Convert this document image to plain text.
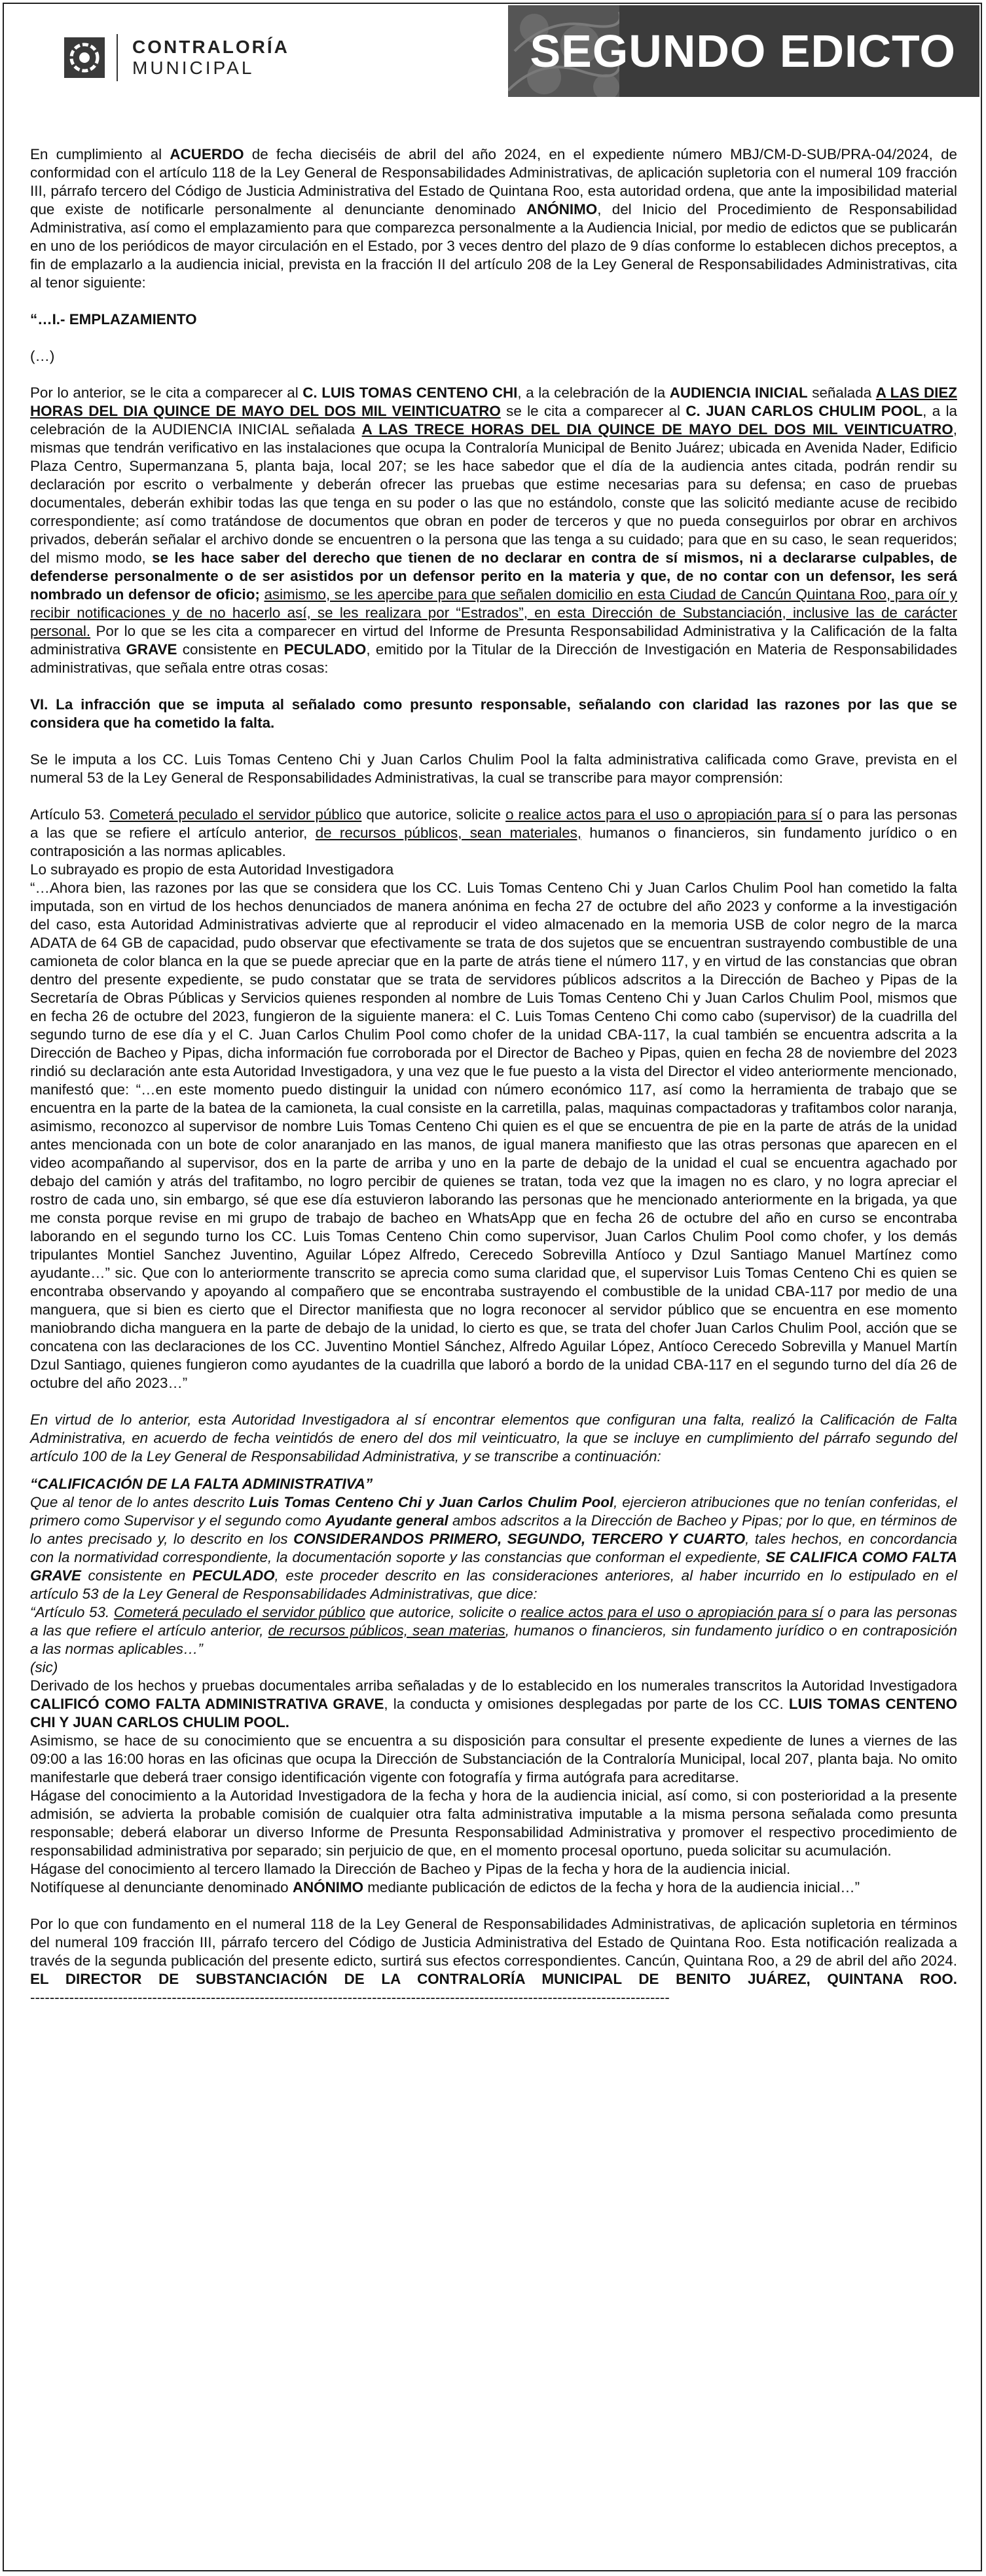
CONTRALORÍA
MUNICIPAL	SEGUNDO EDICTO

En cumplimiento al ACUERDO de fecha dieciséis de abril del año 2024, en el expediente número MBJ/CM-D-SUB/PRA-04/2024, de conformidad con el artículo 118 de la Ley General de Responsabilidades Administrativas, de aplicación supletoria con el numeral 109 fracción III, párrafo tercero del Código de Justicia Administrativa del Estado de Quintana Roo, esta autoridad ordena, que ante la imposibilidad material que existe de notificarle personalmente al denunciante denominado ANÓNIMO, del Inicio del Procedimiento de Responsabilidad Administrativa, así como el emplazamiento para que comparezca personalmente a la Audiencia Inicial, por medio de edictos que se publicarán en uno de los periódicos de mayor circulación en el Estado, por 3 veces dentro del plazo de 9 días conforme lo establecen dichos preceptos, a fin de emplazarlo a la audiencia inicial, prevista en la fracción II del artículo 208 de la Ley General de Responsabilidades Administrativas, cita al tenor siguiente:

“…I.- EMPLAZAMIENTO

(…)

Por lo anterior, se le cita a comparecer al C. LUIS TOMAS CENTENO CHI, a la celebración de la AUDIENCIA INICIAL señalada A LAS DIEZ HORAS DEL DIA QUINCE DE MAYO DEL DOS MIL VEINTICUATRO se le cita a comparecer al C. JUAN CARLOS CHULIM POOL, a la celebración de la AUDIENCIA INICIAL señalada A LAS TRECE HORAS DEL DIA QUINCE DE MAYO DEL DOS MIL VEINTICUATRO, mismas que tendrán verificativo en las instalaciones que ocupa la Contraloría Municipal de Benito Juárez; ubicada en Avenida Nader, Edificio Plaza Centro, Supermanzana 5, planta baja, local 207; se les hace sabedor que el día de la audiencia antes citada, podrán rendir su declaración por escrito o verbalmente y deberán ofrecer las pruebas que estime necesarias para su defensa; en caso de pruebas documentales, deberán exhibir todas las que tenga en su poder o las que no estándolo, conste que las solicitó mediante acuse de recibido correspondiente; así como tratándose de documentos que obran en poder de terceros y que no pueda conseguirlos por obrar en archivos privados, deberán señalar el archivo donde se encuentren o la persona que las tenga a su cuidado; para que en su caso, le sean requeridos; del mismo modo, se les hace saber del derecho que tienen de no declarar en contra de sí mismos, ni a declararse culpables, de defenderse personalmente o de ser asistidos por un defensor perito en la materia y que, de no contar con un defensor, les será nombrado un defensor de oficio; asimismo, se les apercibe para que señalen domicilio en esta Ciudad de Cancún Quintana Roo, para oír y recibir notificaciones y de no hacerlo así, se les realizara por “Estrados”, en esta Dirección de Substanciación, inclusive las de carácter personal. Por lo que se les cita a comparecer en virtud del Informe de Presunta Responsabilidad Administrativa y la Calificación de la falta administrativa GRAVE consistente en PECULADO, emitido por la Titular de la Dirección de Investigación en Materia de Responsabilidades administrativas, que señala entre otras cosas:

VI. La infracción que se imputa al señalado como presunto responsable, señalando con claridad las razones por las que se considera que ha cometido la falta.

Se le imputa a los CC. Luis Tomas Centeno Chi y Juan Carlos Chulim Pool la falta administrativa calificada como Grave, prevista en el numeral 53 de la Ley General de Responsabilidades Administrativas, la cual se transcribe para mayor comprensión:

Artículo 53. Cometerá peculado el servidor público que autorice, solicite o realice actos para el uso o apropiación para sí o para las personas a las que se refiere el artículo anterior, de recursos públicos, sean materiales, humanos o financieros, sin fundamento jurídico o en contraposición a las normas aplicables.

Lo subrayado es propio de esta Autoridad Investigadora

“…Ahora bien, las razones por las que se considera que los CC. Luis Tomas Centeno Chi y Juan Carlos Chulim Pool han cometido la falta imputada, son en virtud de los hechos denunciados de manera anónima en fecha 27 de octubre del año 2023 y conforme a la investigación del caso, esta Autoridad Administrativas advierte que al reproducir el video almacenado en la memoria USB de color negro de la marca ADATA de 64 GB de capacidad, pudo observar que efectivamente se trata de dos sujetos que se encuentran sustrayendo combustible de una camioneta de color blanca en la que se puede apreciar que en la parte de atrás tiene el número 117, y en virtud de las constancias que obran dentro del presente expediente, se pudo constatar que se trata de servidores públicos adscritos a la Dirección de Bacheo y Pipas de la Secretaría de Obras Públicas y Servicios quienes responden al nombre de Luis Tomas Centeno Chi y Juan Carlos Chulim Pool, mismos que en fecha 26 de octubre del 2023, fungieron de la siguiente manera: el C. Luis Tomas Centeno Chi como cabo (supervisor) de la cuadrilla del segundo turno de ese día y el C. Juan Carlos Chulim Pool como chofer de la unidad CBA-117, la cual también se encuentra adscrita a la Dirección de Bacheo y Pipas, dicha información fue corroborada por el Director de Bacheo y Pipas, quien en fecha 28 de noviembre del 2023 rindió su declaración ante esta Autoridad Investigadora, y una vez que le fue puesto a la vista del Director el video anteriormente mencionado, manifestó que: “…en este momento puedo distinguir la unidad con número económico 117, así como la herramienta de trabajo que se encuentra en la parte de la batea de la camioneta, la cual consiste en la carretilla, palas, maquinas compactadoras y trafitambos color naranja, asimismo, reconozco al supervisor de nombre Luis Tomas Centeno Chi quien es el que se encuentra de pie en la parte de atrás de la unidad antes mencionada con un bote de color anaranjado en las manos, de igual manera manifiesto que las otras personas que aparecen en el video acompañando al supervisor, dos en la parte de arriba y uno en la parte de debajo de la unidad el cual se encuentra agachado por debajo del camión y atrás del trafitambo, no logro percibir de quienes se tratan, toda vez que la imagen no es claro, y no logra apreciar el rostro de cada uno, sin embargo, sé que ese día estuvieron laborando las personas que he mencionado anteriormente en la brigada, ya que me consta porque revise en mi grupo de trabajo de bacheo en WhatsApp que en fecha 26 de octubre del año en curso se encontraba laborando en el segundo turno los CC. Luis Tomas Centeno Chin como supervisor, Juan Carlos Chulim Pool como chofer, y los demás tripulantes Montiel Sanchez Juventino, Aguilar López Alfredo, Cerecedo Sobrevilla Antíoco y Dzul Santiago Manuel Martínez como ayudante…” sic. Que con lo anteriormente transcrito se aprecia como suma claridad que, el supervisor Luis Tomas Centeno Chi es quien se encontraba observando y apoyando al compañero que se encontraba sustrayendo el combustible de la unidad CBA-117 por medio de una manguera, que si bien es cierto que el Director manifiesta que no logra reconocer al servidor público que se encuentra en ese momento maniobrando dicha manguera en la parte de debajo de la unidad, lo cierto es que, se trata del chofer Juan Carlos Chulim Pool, acción que se concatena con las declaraciones de los CC. Juventino Montiel Sánchez, Alfredo Aguilar López, Antíoco Cerecedo Sobrevilla y Manuel Martín Dzul Santiago, quienes fungieron como ayudantes de la cuadrilla que laboró a bordo de la unidad CBA-117 en el segundo turno del día 26 de octubre del año 2023…”

En virtud de lo anterior, esta Autoridad Investigadora al sí encontrar elementos que configuran una falta, realizó la Calificación de Falta Administrativa, en acuerdo de fecha veintidós de enero del dos mil veinticuatro, la que se incluye en cumplimiento del párrafo segundo del artículo 100 de la Ley General de Responsabilidad Administrativa, y se transcribe a continuación:

“CALIFICACIÓN DE LA FALTA ADMINISTRATIVA”

Que al tenor de lo antes descrito Luis Tomas Centeno Chi y Juan Carlos Chulim Pool, ejercieron atribuciones que no tenían conferidas, el primero como Supervisor y el segundo como Ayudante general ambos adscritos a la Dirección de Bacheo y Pipas; por lo que, en términos de lo antes precisado y, lo descrito en los CONSIDERANDOS PRIMERO, SEGUNDO, TERCERO Y CUARTO, tales hechos, en concordancia con la normatividad correspondiente, la documentación soporte y las constancias que conforman el expediente, SE CALIFICA COMO FALTA GRAVE consistente en PECULADO, este proceder descrito en las consideraciones anteriores, al haber incurrido en lo estipulado en el artículo 53 de la Ley General de Responsabilidades Administrativas, que dice:

“Artículo 53. Cometerá peculado el servidor público que autorice, solicite o realice actos para el uso o apropiación para sí o para las personas a las que refiere el artículo anterior, de recursos públicos, sean materias, humanos o financieros, sin fundamento jurídico o en contraposición a las normas aplicables…”

(sic)

Derivado de los hechos y pruebas documentales arriba señaladas y de lo establecido en los numerales transcritos la Autoridad Investigadora CALIFICÓ COMO FALTA ADMINISTRATIVA GRAVE, la conducta y omisiones desplegadas por parte de los CC. LUIS TOMAS CENTENO CHI Y JUAN CARLOS CHULIM POOL.

Asimismo, se hace de su conocimiento que se encuentra a su disposición para consultar el presente expediente de lunes a viernes de las 09:00 a las 16:00 horas en las oficinas que ocupa la Dirección de Substanciación de la Contraloría Municipal, local 207, planta baja. No omito manifestarle que deberá traer consigo identificación vigente con fotografía y firma autógrafa para acreditarse.

Hágase del conocimiento a la Autoridad Investigadora de la fecha y hora de la audiencia inicial, así como, si con posterioridad a la presente admisión, se advierta la probable comisión de cualquier otra falta administrativa imputable a la misma persona señalada como presunta responsable; deberá elaborar un diverso Informe de Presunta Responsabilidad Administrativa y promover el respectivo procedimiento de responsabilidad administrativa por separado; sin perjuicio de que, en el momento procesal oportuno, pueda solicitar su acumulación.

Hágase del conocimiento al tercero llamado la Dirección de Bacheo y Pipas de la fecha y hora de la audiencia inicial.

Notifíquese al denunciante denominado ANÓNIMO mediante publicación de edictos de la fecha y hora de la audiencia inicial…”

Por lo que con fundamento en el numeral 118 de la Ley General de Responsabilidades Administrativas, de aplicación supletoria en términos del numeral 109 fracción III, párrafo tercero del Código de Justicia Administrativa del Estado de Quintana Roo. Esta notificación realizada a través de la segunda publicación del presente edicto, surtirá sus efectos correspondientes. Cancún, Quintana Roo, a 29 de abril del año 2024. EL DIRECTOR DE SUBSTANCIACIÓN DE LA CONTRALORÍA MUNICIPAL DE BENITO JUÁREZ, QUINTANA ROO. -----------------------------------------------------------------------------------------------------------------------------------
